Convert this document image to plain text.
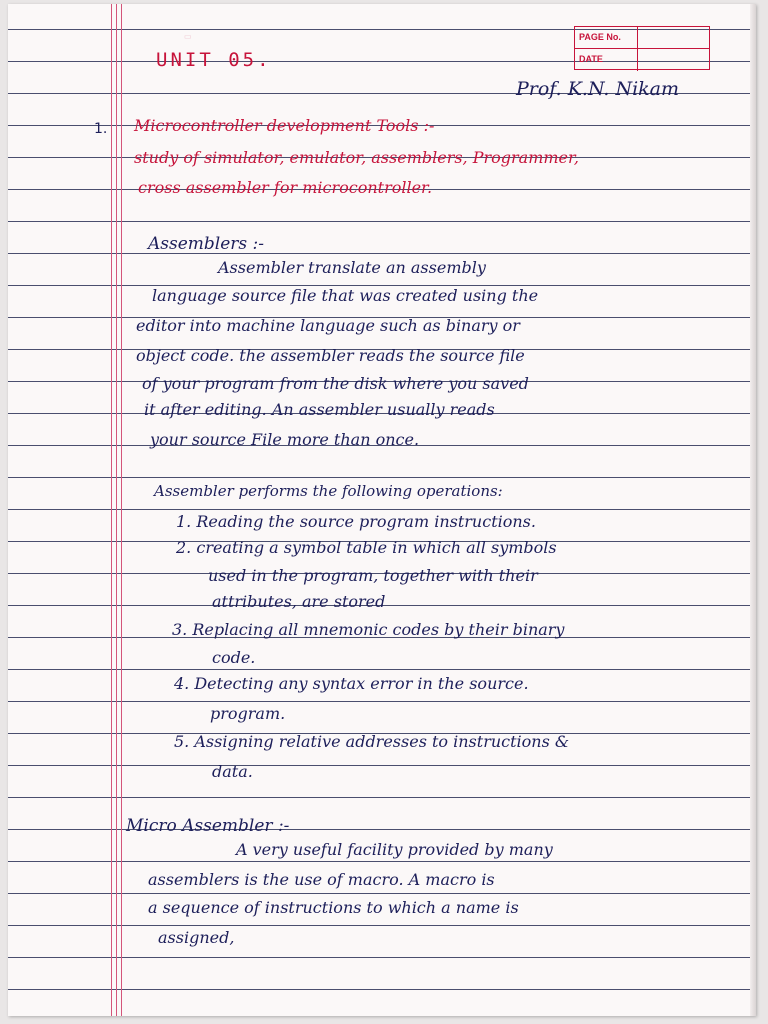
▭	PAGE No.
DATE
UNIT 05.
Prof. K.N. Nikam
1. Microcontroller development Tools :-
study of simulator, emulator, assemblers, Programmer,
cross assembler for microcontroller.
Assemblers :-
Assembler translate an assembly
language source file that was created using the
editor into machine language such as binary or
object code. the assembler reads the source file
of your program from the disk where you saved
it after editing. An assembler usually reads
your source File more than once.
Assembler performs the following operations:
1. Reading the source program instructions.
2. creating a symbol table in which all symbols
used in the program, together with their
attributes, are stored
3. Replacing all mnemonic codes by their binary
code.
4. Detecting any syntax error in the source.
program.
5. Assigning relative addresses to instructions &
data.
Micro Assembler :-
A very useful facility provided by many
assemblers is the use of macro. A macro is
a sequence of instructions to which a name is
assigned,
